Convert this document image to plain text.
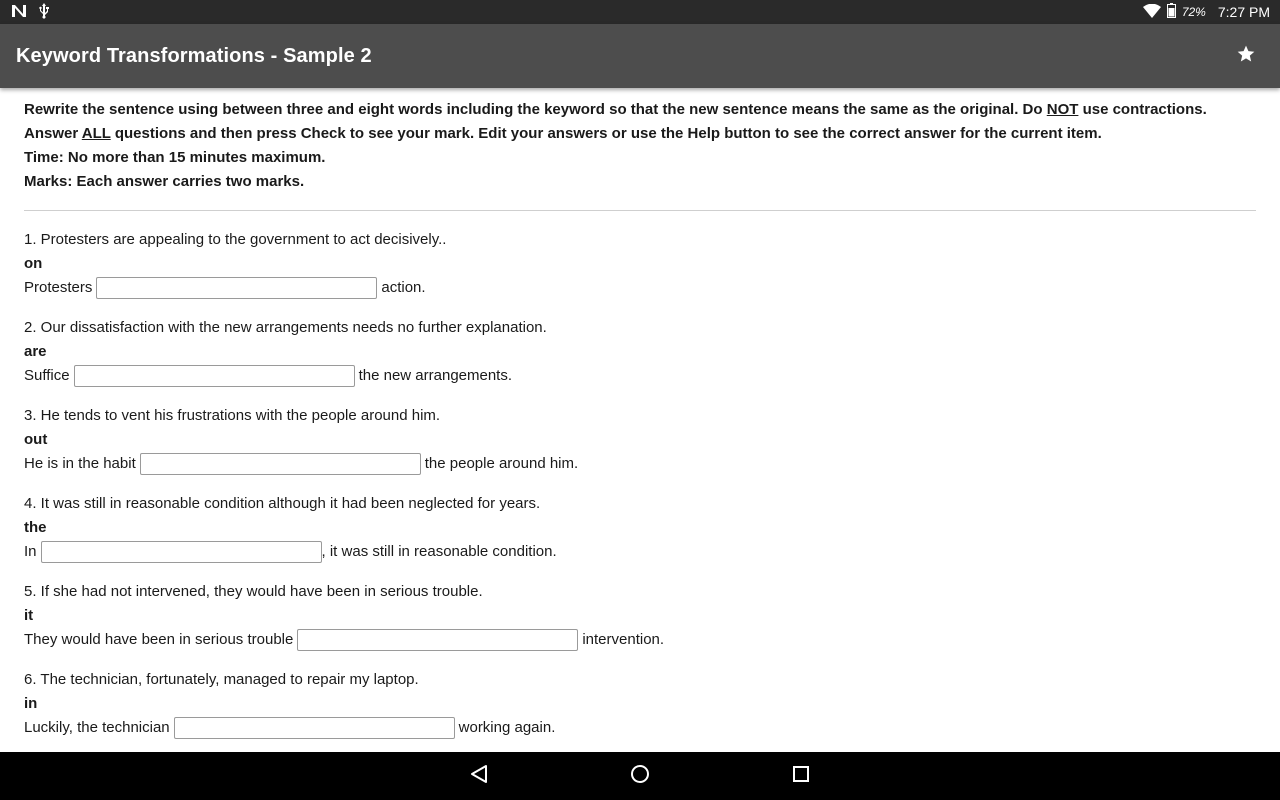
72% 7:27 PM
Keyword Transformations - Sample 2
Rewrite the sentence using between three and eight words including the keyword so that the new sentence means the same as the original. Do NOT use contractions.
Answer ALL questions and then press Check to see your mark. Edit your answers or use the Help button to see the correct answer for the current item.
Time: No more than 15 minutes maximum.
Marks: Each answer carries two marks.
1. Protesters are appealing to the government to act decisively..
on
Protesters	action.
2. Our dissatisfaction with the new arrangements needs no further explanation.
are
Suffice	the new arrangements.
3. He tends to vent his frustrations with the people around him.
out
He is in the habit	the people around him.
4. It was still in reasonable condition although it had been neglected for years.
the
In	, it was still in reasonable condition.
5. If she had not intervened, they would have been in serious trouble.
it
They would have been in serious trouble	intervention.
6. The technician, fortunately, managed to repair my laptop.
in
Luckily, the technician	working again.
